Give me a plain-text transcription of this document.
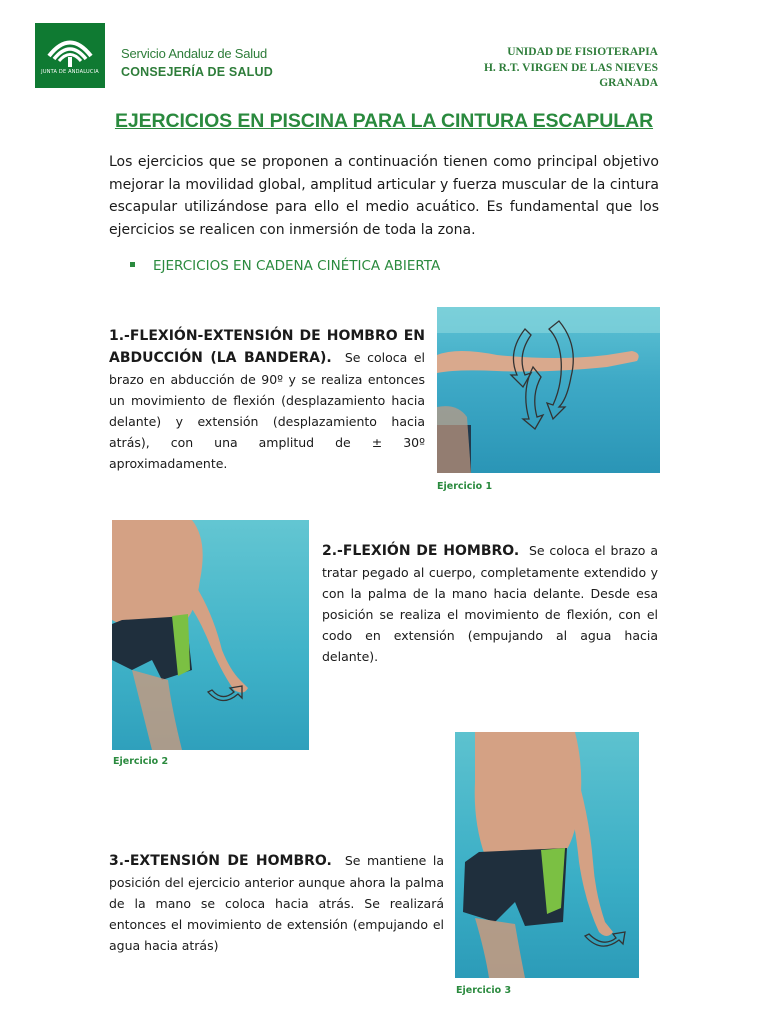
JUNTA DE ANDALUCIA
Servicio Andaluz de Salud
CONSEJERÍA DE SALUD
UNIDAD DE FISIOTERAPIA
H. R.T. VIRGEN DE LAS NIEVES
GRANADA
EJERCICIOS EN PISCINA PARA LA CINTURA ESCAPULAR
Los ejercicios que se proponen a continuación tienen como principal objetivo mejorar la movilidad global, amplitud articular y fuerza muscular de la cintura escapular utilizándose para ello el medio acuático. Es fundamental que los ejercicios se realicen con inmersión de toda la zona.
EJERCICIOS EN CADENA CINÉTICA ABIERTA
1.-FLEXIÓN-EXTENSIÓN DE HOMBRO EN ABDUCCIÓN (LA BANDERA). Se coloca el brazo en abducción de 90º y se realiza entonces un movimiento de flexión (desplazamiento hacia delante) y extensión (desplazamiento hacia atrás), con una amplitud de ± 30º aproximadamente.
Ejercicio 1
Ejercicio 2
2.-FLEXIÓN DE HOMBRO. Se coloca el brazo a tratar pegado al cuerpo, completamente extendido y con la palma de la mano hacia delante. Desde esa posición se realiza el movimiento de flexión, con el codo en extensión (empujando al agua hacia delante).
Ejercicio 3
3.-EXTENSIÓN DE HOMBRO. Se mantiene la posición del ejercicio anterior aunque ahora la palma de la mano se coloca hacia atrás. Se realizará entonces el movimiento de extensión (empujando el agua hacia atrás)
